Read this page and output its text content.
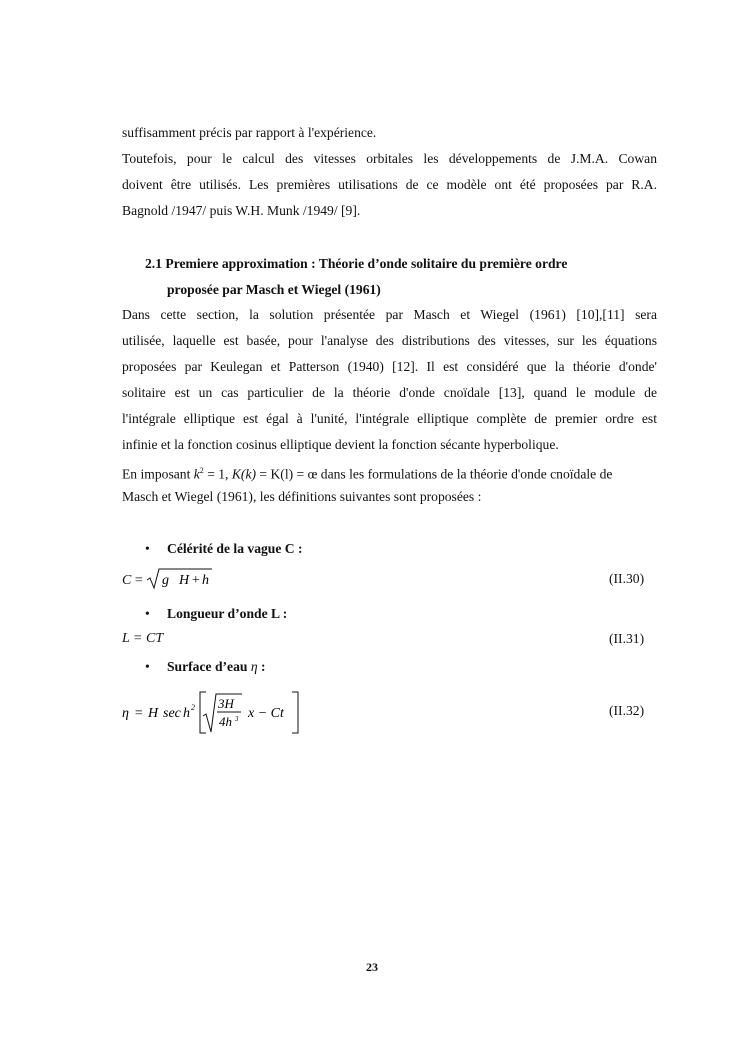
suffisamment précis par rapport à l'expérience.
Toutefois, pour le calcul des vitesses orbitales les développements de J.M.A. Cowan
doivent être utilisés. Les premières utilisations de ce modèle ont été proposées par R.A.
Bagnold /1947/ puis W.H. Munk /1949/ [9].
2.1 Premiere approximation : Théorie d’onde solitaire du première ordre
proposée par Masch et Wiegel (1961)
Dans cette section, la solution présentée par Masch et Wiegel (1961) [10],[11] sera
utilisée, laquelle est basée, pour l'analyse des distributions des vitesses, sur les équations
proposées par Keulegan et Patterson (1940) [12]. Il est considéré que la théorie d'onde'
solitaire est un cas particulier de la théorie d'onde cnoïdale [13], quand le module de
l'intégrale elliptique est égal à l'unité, l'intégrale elliptique complète de premier ordre est
infinie et la fonction cosinus elliptique devient la fonction sécante hyperbolique.
En imposant $k^2 = 1$, K(k) = K(l) = œ dans les formulations de la théorie d'onde cnoïdale de
Masch et Wiegel (1961), les définitions suivantes sont proposées :
• Célérité de la vague C :
C = g H + h	(II.30)
• Longueur d’onde L :
L = CT	(II.31)
• Surface d’eau η :
η = H sec h 2 3H
4h 3 x − Ct	(II.32)
23
